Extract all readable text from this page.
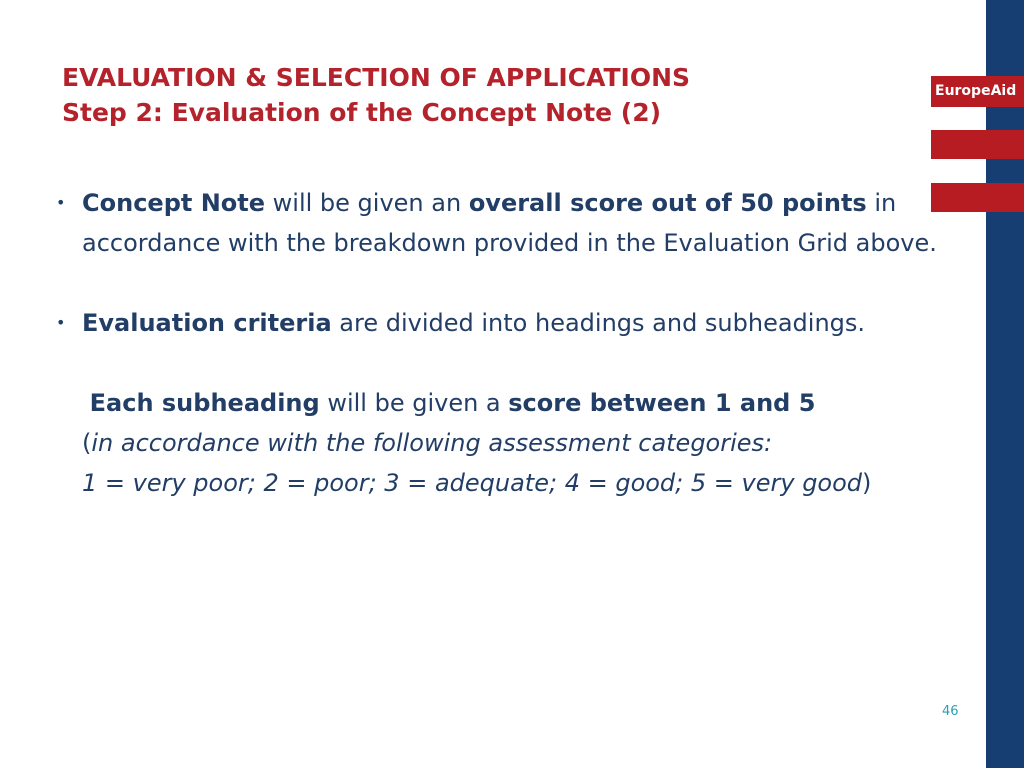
EuropeAid
EVALUATION & SELECTION OF APPLICATIONS
Step 2: Evaluation of the Concept Note (2)

• Concept Note will be given an overall score out of 50 points in accordance with the breakdown provided in the Evaluation Grid above.

• Evaluation criteria are divided into headings and subheadings.

Each subheading will be given a score between 1 and 5
(in accordance with the following assessment categories:
1 = very poor; 2 = poor; 3 = adequate; 4 = good; 5 = very good)

46
